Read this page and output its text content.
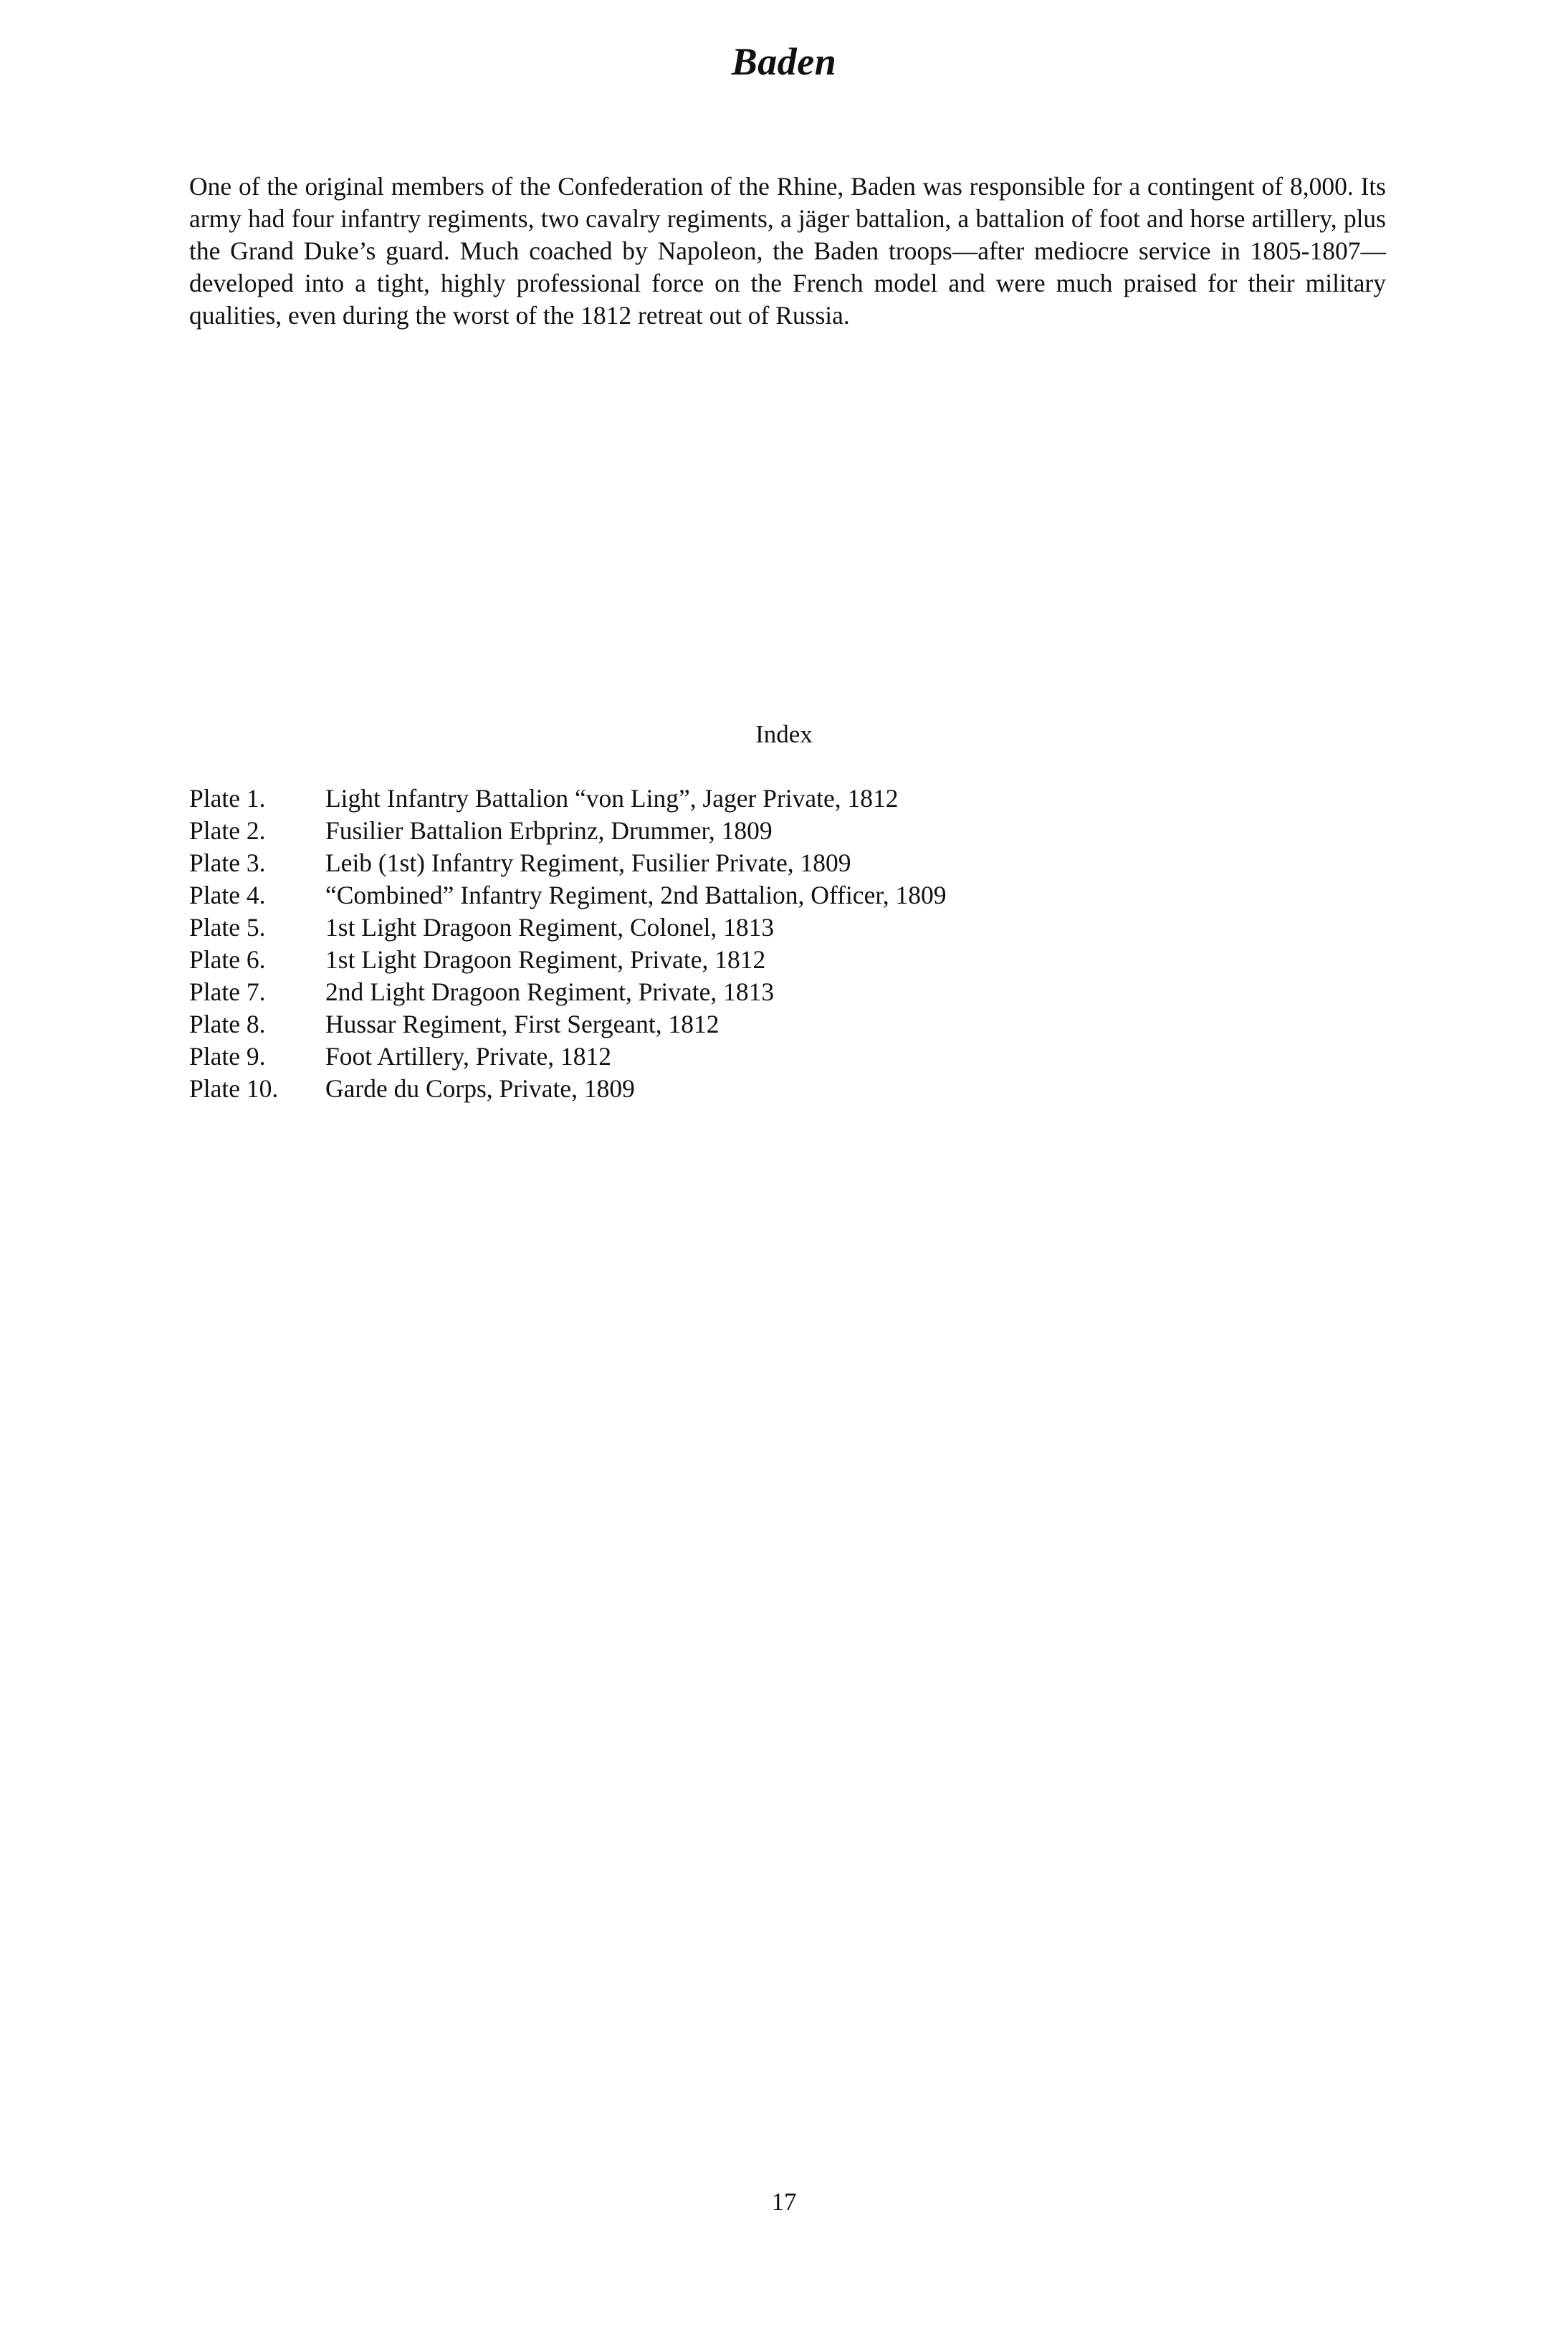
Baden

One of the original members of the Confederation of the Rhine, Baden was responsible for a contingent of 8,000. Its army had four infantry regiments, two cavalry regiments, a jäger battalion, a battalion of foot and horse artillery, plus the Grand Duke’s guard. Much coached by Napoleon, the Baden troops—after mediocre service in 1805-1807—developed into a tight, highly professional force on the French model and were much praised for their military qualities, even during the worst of the 1812 retreat out of Russia.

Index
Plate 1.	Light Infantry Battalion “von Ling”, Jager Private, 1812
Plate 2.	Fusilier Battalion Erbprinz, Drummer, 1809
Plate 3.	Leib (1st) Infantry Regiment, Fusilier Private, 1809
Plate 4.	“Combined” Infantry Regiment, 2nd Battalion, Officer, 1809
Plate 5.	1st Light Dragoon Regiment, Colonel, 1813
Plate 6.	1st Light Dragoon Regiment, Private, 1812
Plate 7.	2nd Light Dragoon Regiment, Private, 1813
Plate 8.	Hussar Regiment, First Sergeant, 1812
Plate 9.	Foot Artillery, Private, 1812
Plate 10.	Garde du Corps, Private, 1809
17
